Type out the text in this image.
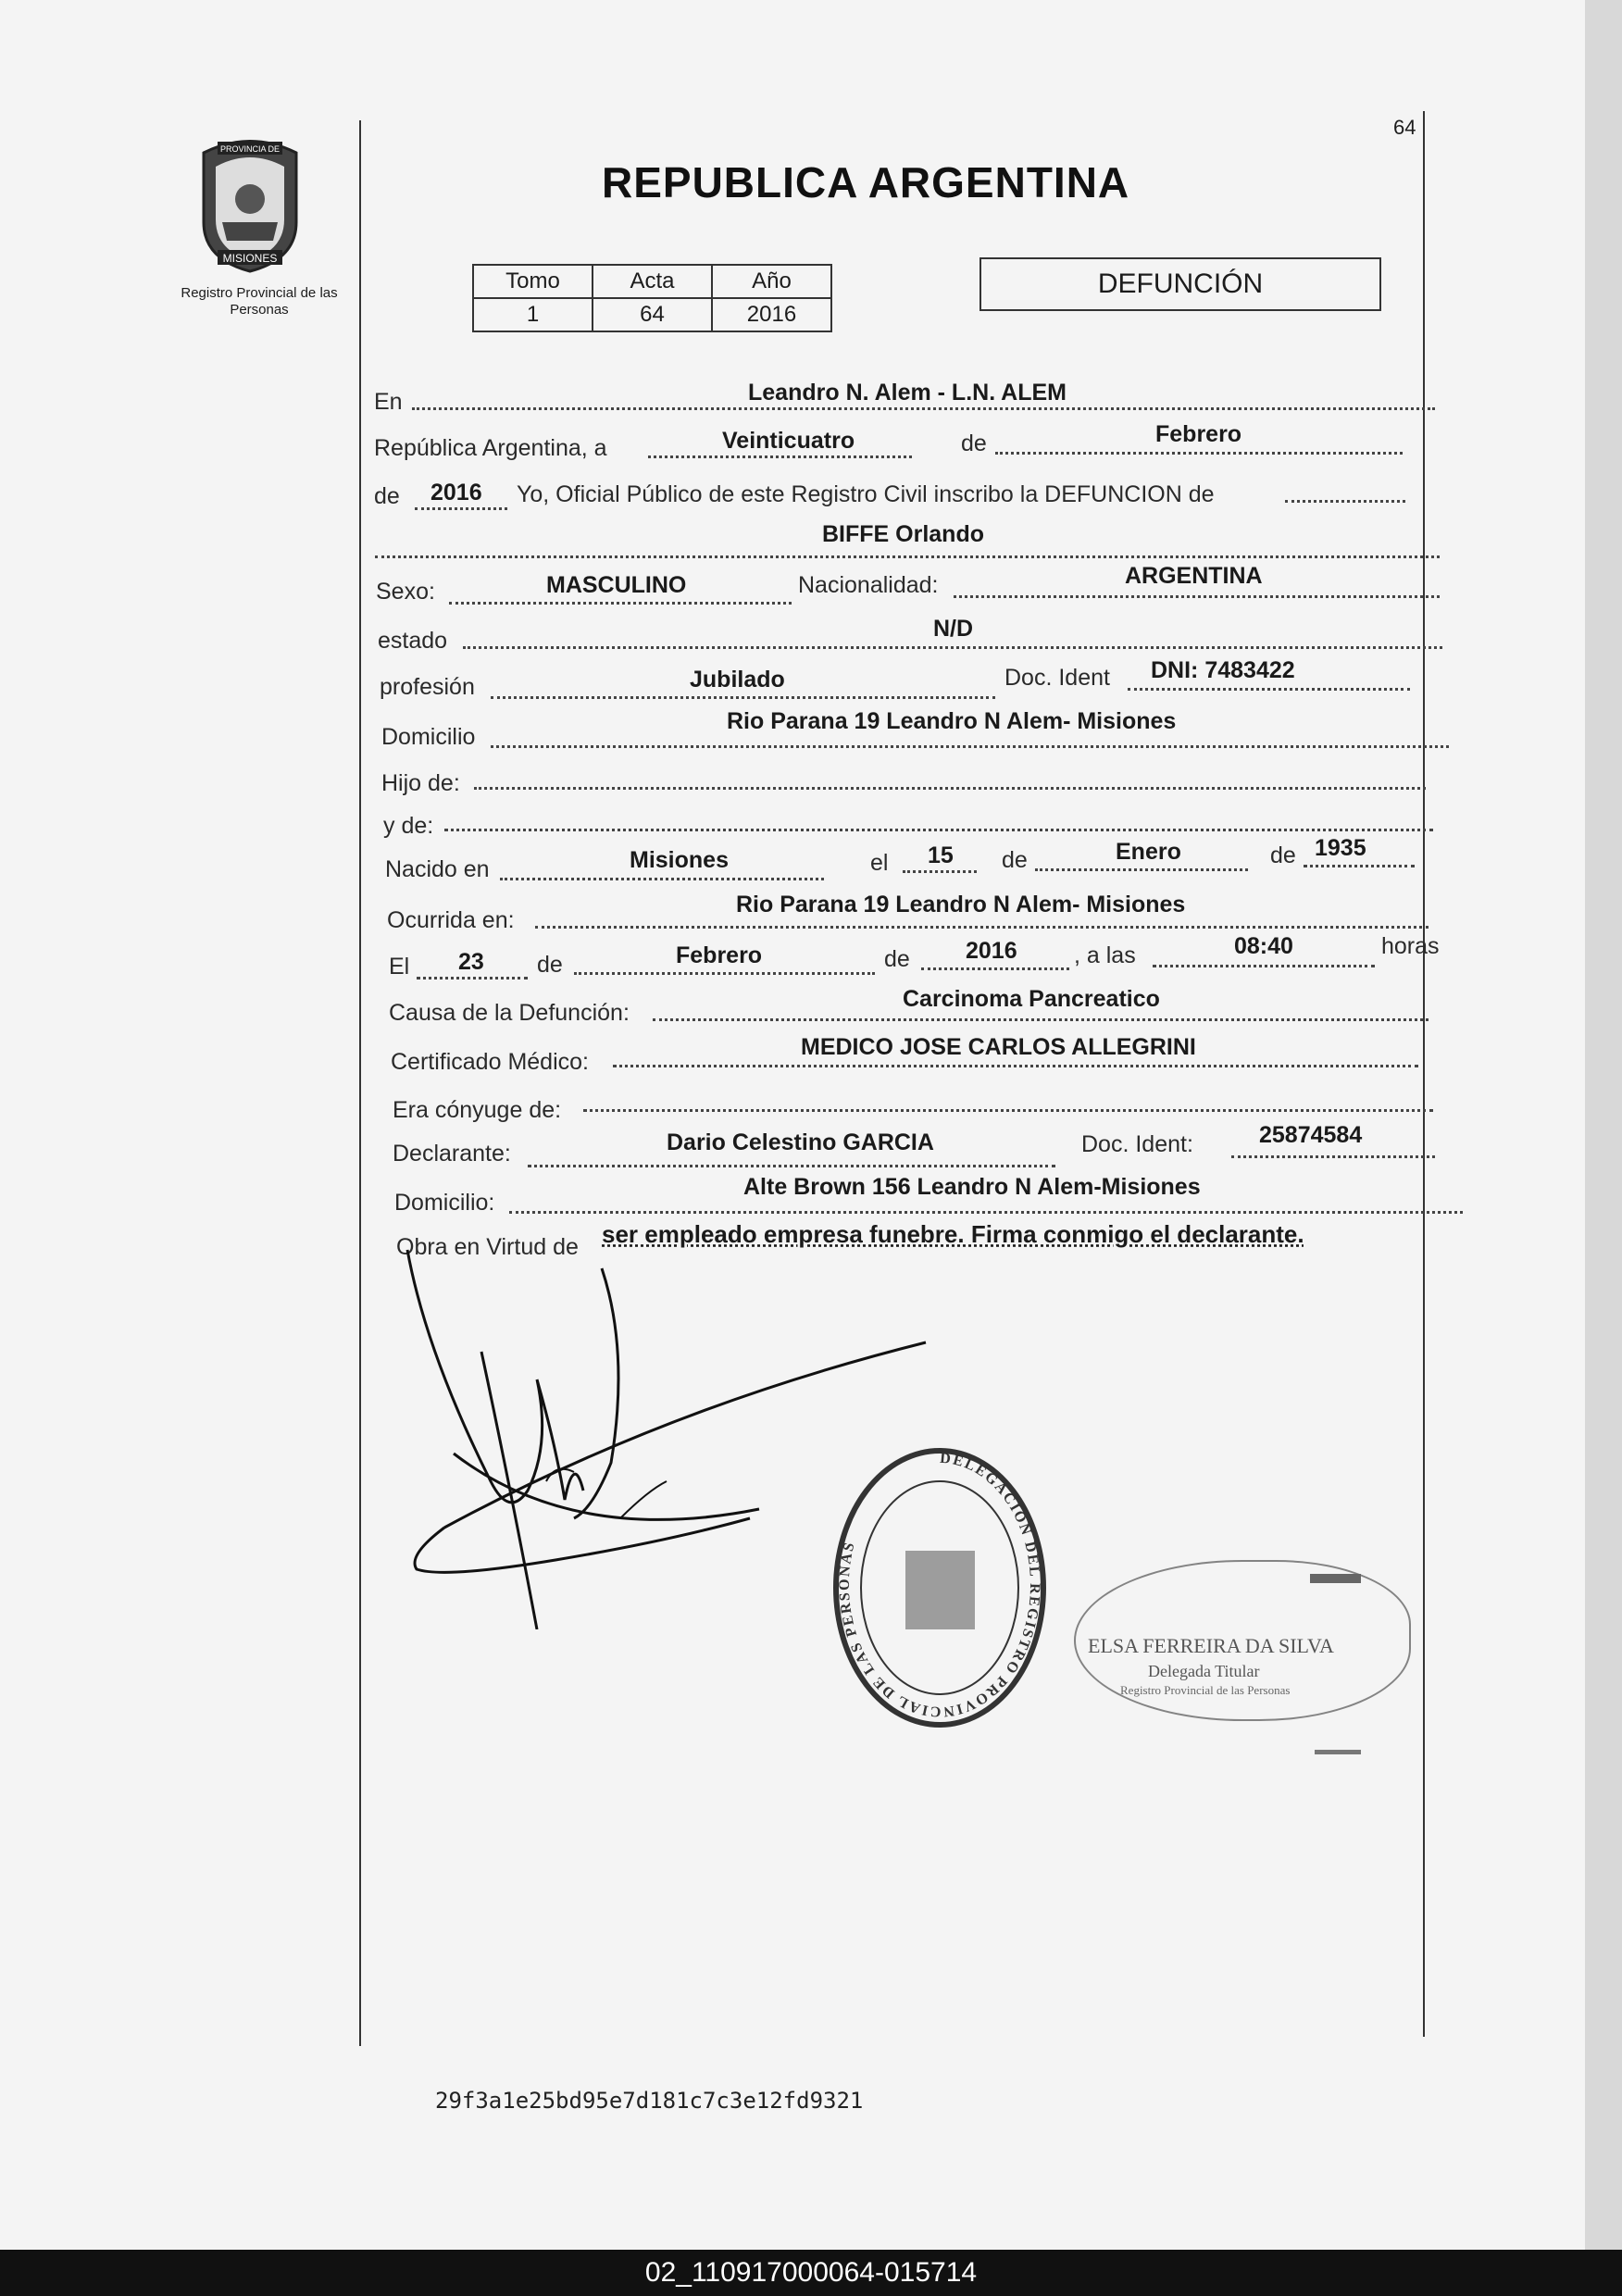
64
PROVINCIA DE
MISIONES
Registro Provincial de las Personas
REPUBLICA ARGENTINA
Tomo	Acta	Año
1	64	2016
DEFUNCIÓN
En	Leandro N. Alem - L.N. ALEM
República Argentina, a	Veinticuatro	de	Febrero
de 2016 Yo, Oficial Público de este Registro Civil inscribo la DEFUNCION de
BIFFE Orlando
Sexo:	MASCULINO	Nacionalidad:	ARGENTINA
estado	N/D
profesión	Jubilado	Doc. Ident DNI: 7483422
Domicilio
Rio Parana 19 Leandro N Alem- Misiones
Hijo de:
y de:
Nacido en	Misiones	el 15 de	Enero	de 1935
Ocurrida en:
Rio Parana 19 Leandro N Alem- Misiones
El 23 de	Febrero	de 2016 , a las	08:40	horas
Causa de la Defunción:
Carcinoma Pancreatico
Certificado Médico:
MEDICO JOSE CARLOS ALLEGRINI
Era cónyuge de:
Declarante:	Dario Celestino GARCIA	Doc. Ident:	25874584
Domicilio:
Alte Brown 156 Leandro N Alem-Misiones
Obra en Virtud de ser empleado empresa funebre. Firma conmigo el declarante.
DELEGACION DEL REGISTRO PROVINCIAL DE LAS PERSONAS
ELSA FERREIRA DA SILVA
Delegada Titular
Registro Provincial de las Personas
29f3a1e25bd95e7d181c7c3e12fd9321
02_110917000064-015714
